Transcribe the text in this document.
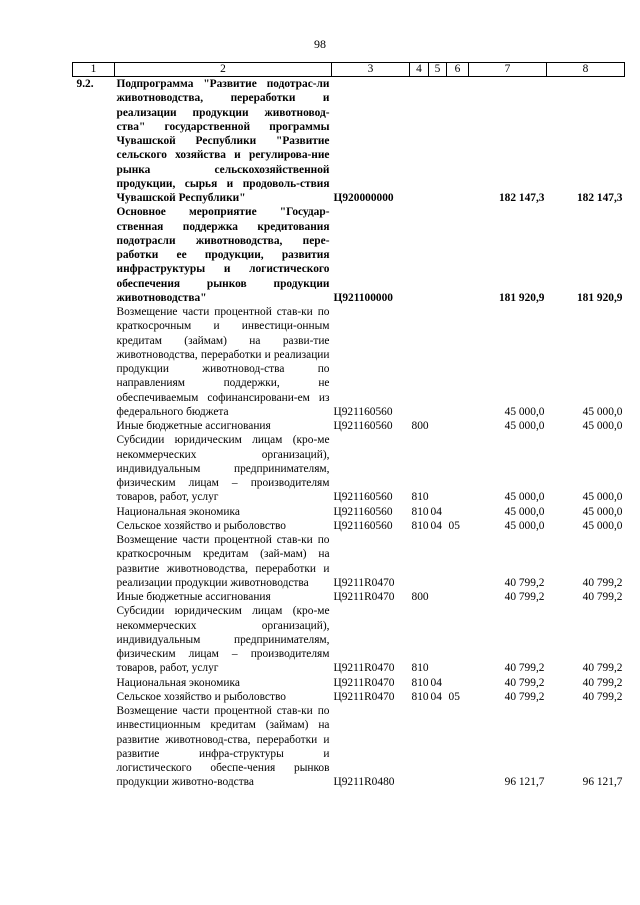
98
1	2	3	4	5	6	7	8
9.2.	Подпрограмма "Развитие подотрас-ли животноводства, переработки и реализации продукции животновод-ства" государственной программы Чувашской Республики "Развитие сельского хозяйства и регулирова-ние рынка сельскохозяйственной продукции, сырья и продоволь-ствия Чувашской Республики"	Ц920000000				182 147,3	182 147,3
	Основное мероприятие "Государ-ственная поддержка кредитования подотрасли животноводства, пере-работки ее продукции, развития инфраструктуры и логистического обеспечения рынков продукции животноводства"	Ц921100000				181 920,9	181 920,9
	Возмещение части процентной став-ки по краткосрочным и инвестици-онным кредитам (займам) на разви-тие животноводства, переработки и реализации продукции животновод-ства по направлениям поддержки, не обеспечиваемым софинансировани-ем из федерального бюджета	Ц921160560				45 000,0	45 000,0
	Иные бюджетные ассигнования	Ц921160560	800			45 000,0	45 000,0
	Субсидии юридическим лицам (кро-ме некоммерческих организаций), индивидуальным предпринимателям, физическим лицам – производителям товаров, работ, услуг	Ц921160560	810			45 000,0	45 000,0
	Национальная экономика	Ц921160560	810	04		45 000,0	45 000,0
	Сельское хозяйство и рыболовство	Ц921160560	810	04	05	45 000,0	45 000,0
	Возмещение части процентной став-ки по краткосрочным кредитам (зай-мам) на развитие животноводства, переработки и реализации продукции животноводства	Ц9211R0470				40 799,2	40 799,2
	Иные бюджетные ассигнования	Ц9211R0470	800			40 799,2	40 799,2
	Субсидии юридическим лицам (кро-ме некоммерческих организаций), индивидуальным предпринимателям, физическим лицам – производителям товаров, работ, услуг	Ц9211R0470	810			40 799,2	40 799,2
	Национальная экономика	Ц9211R0470	810	04		40 799,2	40 799,2
	Сельское хозяйство и рыболовство	Ц9211R0470	810	04	05	40 799,2	40 799,2
	Возмещение части процентной став-ки по инвестиционным кредитам (займам) на развитие животновод-ства, переработки и развитие инфра-структуры и логистического обеспе-чения рынков продукции животно-водства	Ц9211R0480				96 121,7	96 121,7
